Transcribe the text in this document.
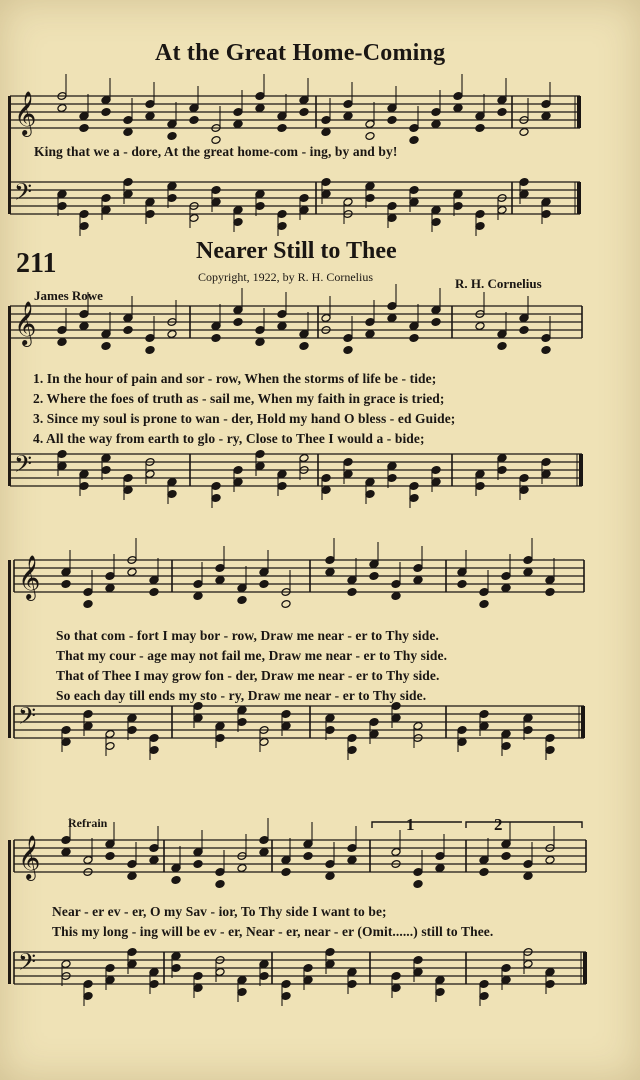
𝄞
𝄢
𝄞
𝄢
𝄞
𝄢
𝄞
𝄢
At the Great Home-Coming
King that we a - dore, At the great home-com - ing, by and by!
211	Nearer Still to Thee
Copyright, 1922, by R. H. Cornelius
James Rowe
R. H. Cornelius
1. In the hour of pain and sor - row, When the storms of life be - tide;
2. Where the foes of truth as - sail me, When my faith in grace is tried;
3. Since my soul is prone to wan - der, Hold my hand O bless - ed Guide;
4. All the way from earth to glo - ry, Close to Thee I would a - bide;
So that com - fort I may bor - row, Draw me near - er to Thy side.
That my cour - age may not fail me, Draw me near - er to Thy side.
That of Thee I may grow fon - der, Draw me near - er to Thy side.
So each day till ends my sto - ry, Draw me near - er to Thy side.
Refrain	1	2
Near - er ev - er, O my Sav - ior, To Thy side I want to be;
This my long - ing will be ev - er, Near - er, near - er (Omit......) still to Thee.
